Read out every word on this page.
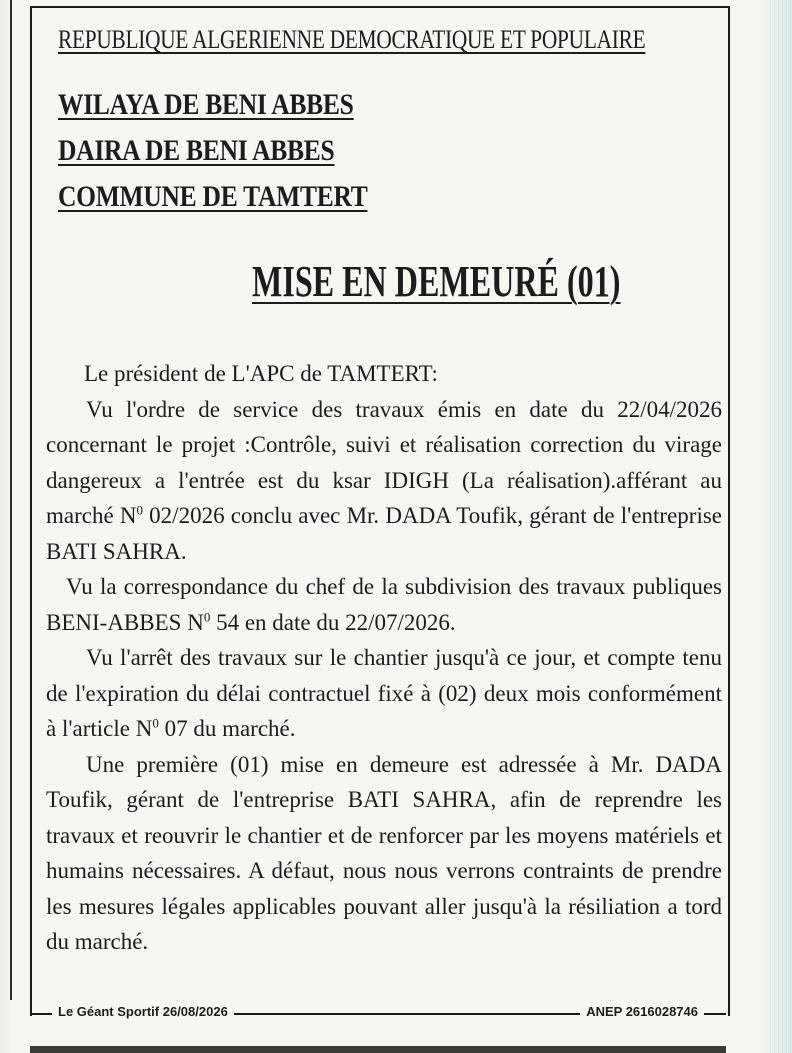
REPUBLIQUE ALGERIENNE DEMOCRATIQUE ET POPULAIRE
WILAYA DE BENI ABBES
DAIRA DE BENI ABBES
COMMUNE DE TAMTERT
MISE EN DEMEURÉ (01)

Le président de L'APC de TAMTERT:

Vu l'ordre de service des travaux émis en date du 22/04/2026 concernant le projet :Contrôle, suivi et réalisation correction du virage dangereux a l'entrée est du ksar IDIGH (La réalisation).afférant au marché $N^0$ 02/2026 conclu avec Mr. DADA Toufik, gérant de l'entreprise BATI SAHRA.

Vu la correspondance du chef de la subdivision des travaux publiques BENI-ABBES $N^0$ 54 en date du 22/07/2026.

Vu l'arrêt des travaux sur le chantier jusqu'à ce jour, et compte tenu de l'expiration du délai contractuel fixé à (02) deux mois conformément à l'article $N^0$ 07 du marché.

Une première (01) mise en demeure est adressée à Mr. DADA Toufik, gérant de l'entreprise BATI SAHRA, afin de reprendre les travaux et reouvrir le chantier et de renforcer par les moyens matériels et humains nécessaires. A défaut, nous nous verrons contraints de prendre les mesures légales applicables pouvant aller jusqu'à la résiliation a tord du marché.

Le Géant Sportif 26/08/2026	ANEP 2616028746
